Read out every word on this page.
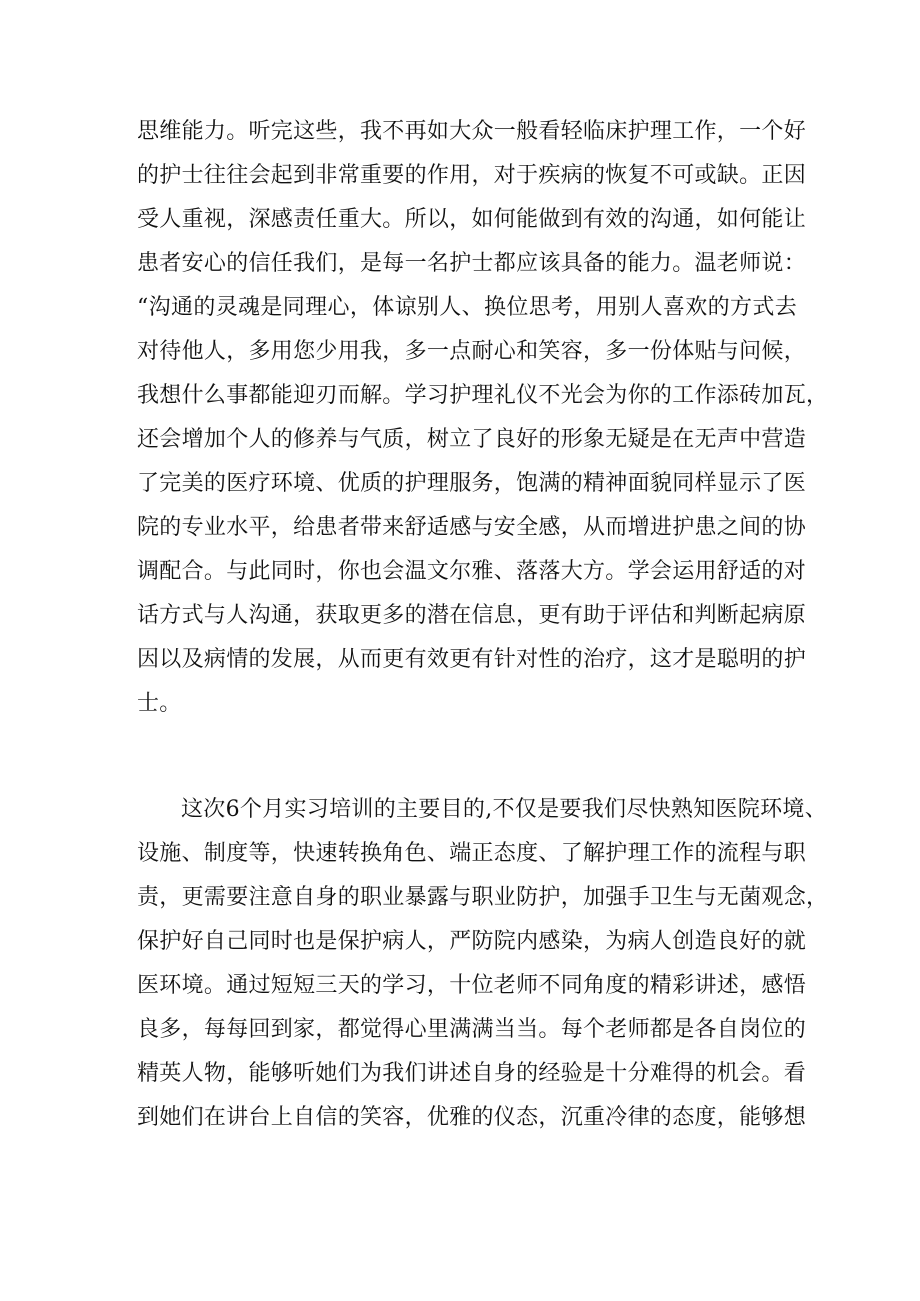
思维能力。听完这些，我不再如大众一般看轻临床护理工作，一个好
的护士往往会起到非常重要的作用，对于疾病的恢复不可或缺。正因
受人重视，深感责任重大。所以，如何能做到有效的沟通，如何能让
患者安心的信任我们，是每一名护士都应该具备的能力。温老师说：
“沟通的灵魂是同理心，体谅别人、换位思考，用别人喜欢的方式去
对待他人，多用您少用我，多一点耐心和笑容，多一份体贴与问候，
我想什么事都能迎刃而解。学习护理礼仪不光会为你的工作添砖加瓦，
还会增加个人的修养与气质，树立了良好的形象无疑是在无声中营造
了完美的医疗环境、优质的护理服务，饱满的精神面貌同样显示了医
院的专业水平，给患者带来舒适感与安全感，从而增进护患之间的协
调配合。与此同时，你也会温文尔雅、落落大方。学会运用舒适的对
话方式与人沟通，获取更多的潜在信息，更有助于评估和判断起病原
因以及病情的发展，从而更有效更有针对性的治疗，这才是聪明的护
士。
这次6个月实习培训的主要目的,不仅是要我们尽快熟知医院环境、
设施、制度等，快速转换角色、端正态度、了解护理工作的流程与职
责，更需要注意自身的职业暴露与职业防护，加强手卫生与无菌观念，
保护好自己同时也是保护病人，严防院内感染，为病人创造良好的就
医环境。通过短短三天的学习，十位老师不同角度的精彩讲述，感悟
良多，每每回到家，都觉得心里满满当当。每个老师都是各自岗位的
精英人物，能够听她们为我们讲述自身的经验是十分难得的机会。看
到她们在讲台上自信的笑容，优雅的仪态，沉重冷律的态度，能够想
